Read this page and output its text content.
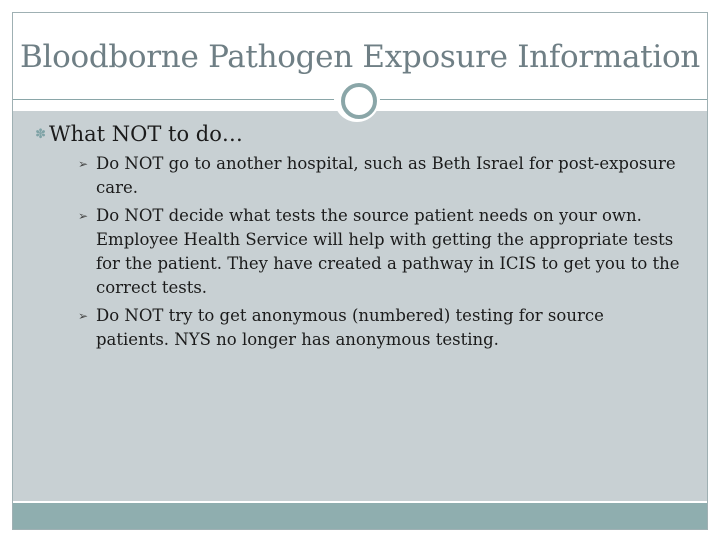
Bloodborne Pathogen Exposure Information
✽ What NOT to do…
➢ Do NOT go to another hospital, such as Beth Israel for post-exposure care.
➢ Do NOT decide what tests the source patient needs on your own. Employee Health Service will help with getting the appropriate tests for the patient. They have created a pathway in ICIS to get you to the correct tests.
➢ Do NOT try to get anonymous (numbered) testing for source patients. NYS no longer has anonymous testing.
